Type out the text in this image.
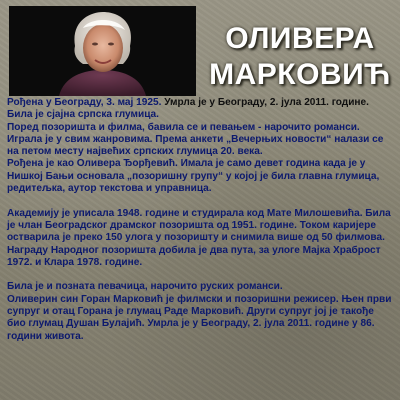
ОЛИВЕРА
МАРКОВИЋ

Рођена у Београду, 3. мај 1925. Умрла је у Београду, 2. јула 2011. године. Била је сјајна српска глумица.

Поред позоришта и филма, бавила се и певањем - нарочито романси. Играла је у свим жанровима. Према анкети „Вечерњих новости“ налази се на петом месту највећих српских глумица 20. века.

Рођена је као Оливера Ђорђевић. Имала је само девет година када је у Нишкој Бањи основала „позоришну групу“ у којој је била главна глумица, редитељка, аутор текстова и управница.

Академију је уписала 1948. године и студирала код Мате Милошевића. Била је члан Београдског драмског позоришта од 1951. године. Током каријере остварила је преко 150 улога у позоришту и снимила више од 50 филмова. Награду Народног позоришта добила је два пута, за улоге Мајка Храброст 1972. и Клара 1978. године.

Била је и позната певачица, нарочито руских романси.

Оливерин син Горан Марковић је филмски и позоришни режисер. Њен први супруг и отац Горана је глумац Раде Марковић. Други супруг јој је такође био глумац Душан Булајић. Умрла је у Београду, 2. јула 2011. године у 86. години живота.
